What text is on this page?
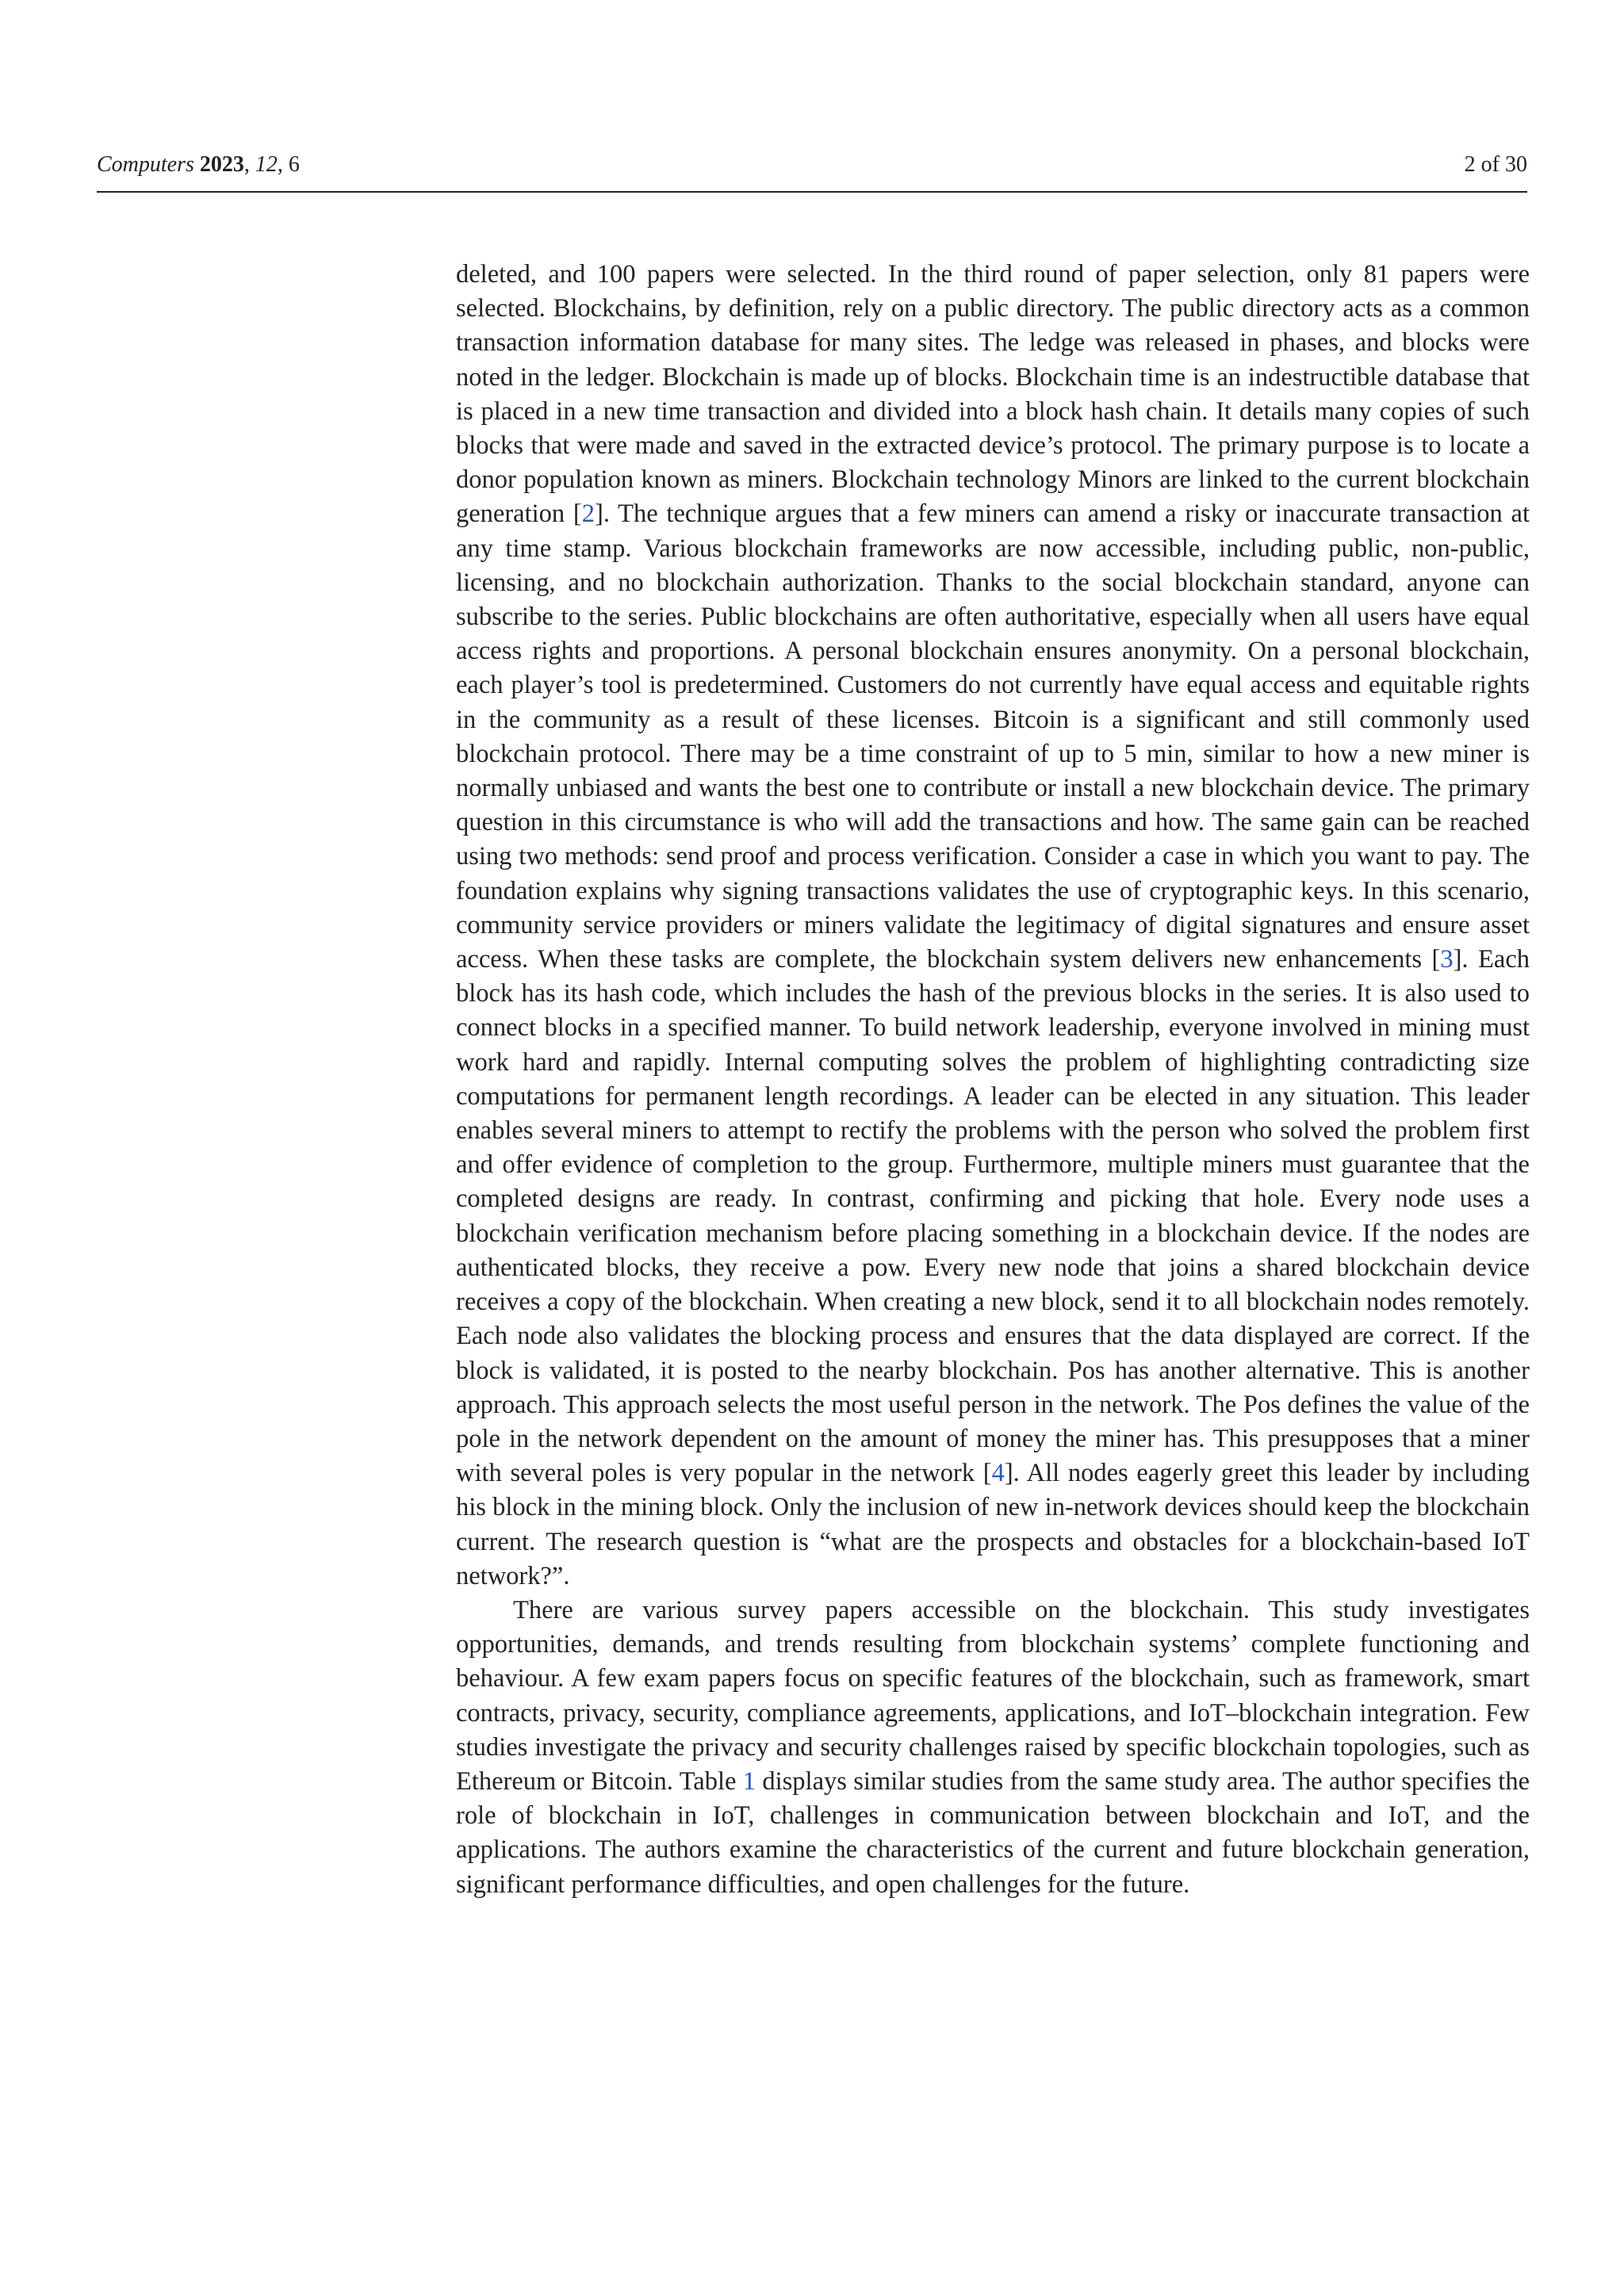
Computers 2023, 12, 6	2 of 30

deleted, and 100 papers were selected. In the third round of paper selection, only 81 papers were selected. Blockchains, by definition, rely on a public directory. The public directory acts as a common transaction information database for many sites. The ledge was released in phases, and blocks were noted in the ledger. Blockchain is made up of blocks. Blockchain time is an indestructible database that is placed in a new time transaction and divided into a block hash chain. It details many copies of such blocks that were made and saved in the extracted device’s protocol. The primary purpose is to locate a donor population known as miners. Blockchain technology Minors are linked to the current blockchain generation [2]. The technique argues that a few miners can amend a risky or inaccurate transaction at any time stamp. Various blockchain frameworks are now accessible, including public, non-public, licensing, and no blockchain authorization. Thanks to the social blockchain standard, anyone can subscribe to the series. Public blockchains are often authoritative, especially when all users have equal access rights and proportions. A personal blockchain ensures anonymity. On a personal blockchain, each player’s tool is predetermined. Customers do not currently have equal access and equitable rights in the community as a result of these licenses. Bitcoin is a significant and still commonly used blockchain protocol. There may be a time constraint of up to 5 min, similar to how a new miner is normally unbiased and wants the best one to contribute or install a new blockchain device. The primary question in this circumstance is who will add the transactions and how. The same gain can be reached using two methods: send proof and process verification. Consider a case in which you want to pay. The foundation explains why signing transactions validates the use of cryptographic keys. In this scenario, community service providers or miners validate the legitimacy of digital signatures and ensure asset access. When these tasks are complete, the blockchain system delivers new enhancements [3]. Each block has its hash code, which includes the hash of the previous blocks in the series. It is also used to connect blocks in a specified manner. To build network leadership, everyone involved in mining must work hard and rapidly. Internal computing solves the problem of highlighting contradicting size computations for permanent length recordings. A leader can be elected in any situation. This leader enables several miners to attempt to rectify the problems with the person who solved the problem first and offer evidence of completion to the group. Furthermore, multiple miners must guarantee that the completed designs are ready. In contrast, confirming and picking that hole. Every node uses a blockchain verification mechanism before placing something in a blockchain device. If the nodes are authenticated blocks, they receive a pow. Every new node that joins a shared blockchain device receives a copy of the blockchain. When creating a new block, send it to all blockchain nodes remotely. Each node also validates the blocking process and ensures that the data displayed are correct. If the block is validated, it is posted to the nearby blockchain. Pos has another alternative. This is another approach. This approach selects the most useful person in the network. The Pos defines the value of the pole in the network dependent on the amount of money the miner has. This presupposes that a miner with several poles is very popular in the network [4]. All nodes eagerly greet this leader by including his block in the mining block. Only the inclusion of new in-network devices should keep the blockchain current. The research question is “what are the prospects and obstacles for a blockchain-based IoT network?”.

There are various survey papers accessible on the blockchain. This study investigates opportunities, demands, and trends resulting from blockchain systems’ complete functioning and behaviour. A few exam papers focus on specific features of the blockchain, such as framework, smart contracts, privacy, security, compliance agreements, applications, and IoT–blockchain integration. Few studies investigate the privacy and security challenges raised by specific blockchain topologies, such as Ethereum or Bitcoin. Table 1 displays similar studies from the same study area. The author specifies the role of blockchain in IoT, challenges in communication between blockchain and IoT, and the applications. The authors examine the characteristics of the current and future blockchain generation, significant performance difficulties, and open challenges for the future.
